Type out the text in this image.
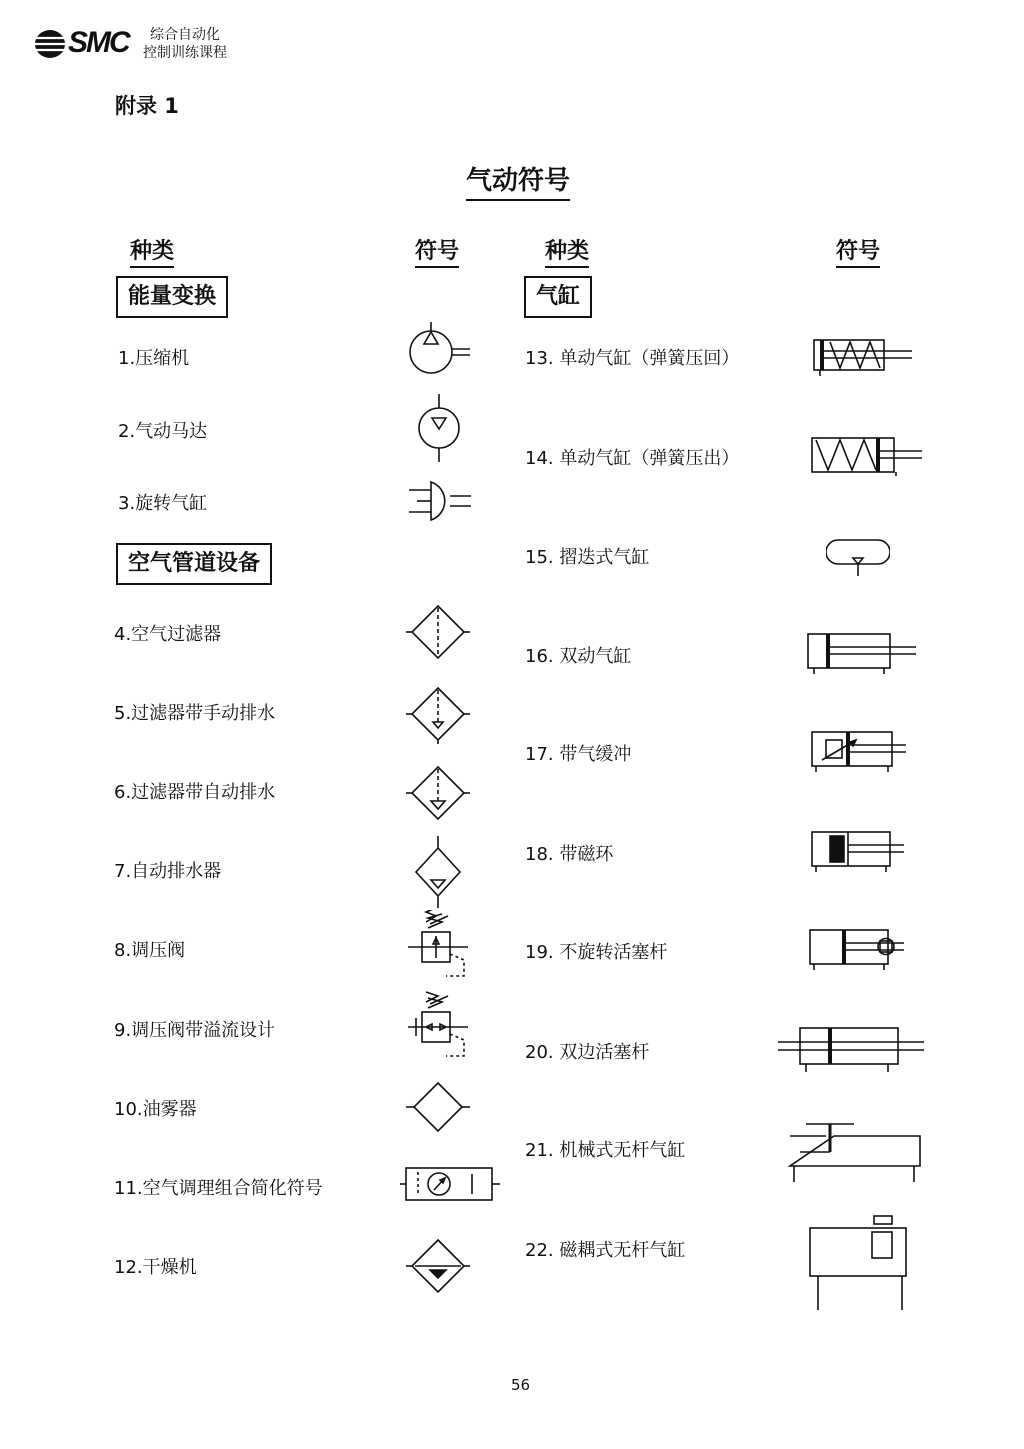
SMC 综合自动化
控制训练课程
附录 1
气动符号
种类	符号	种类	符号
能量变换
空气管道设备
气缸
1.压缩机
2.气动马达
3.旋转气缸
4.空气过滤器
5.过滤器带手动排水
6.过滤器带自动排水
7.自动排水器
8.调压阀
9.调压阀带溢流设计
10.油雾器
11.空气调理组合简化符号
12.干燥机
13. 单动气缸（弹簧压回）
14. 单动气缸（弹簧压出）
15. 摺迭式气缸
16. 双动气缸
17. 带气缓冲
18. 带磁环
19. 不旋转活塞杆
20. 双边活塞杆
21. 机械式无杆气缸
22. 磁耦式无杆气缸
56
